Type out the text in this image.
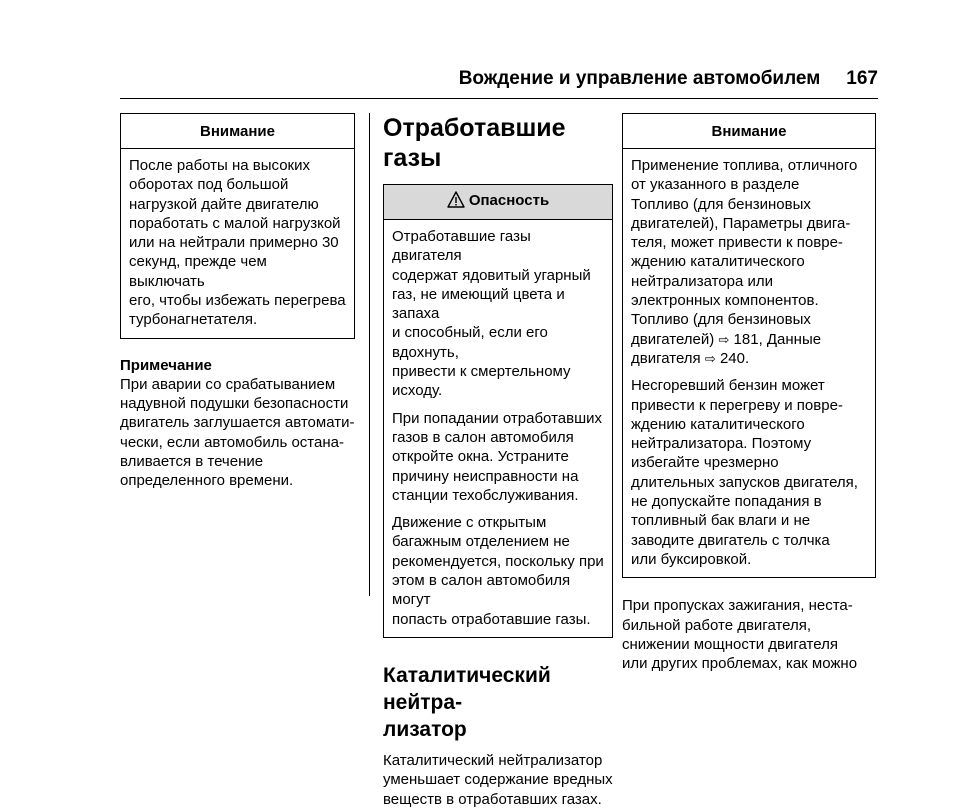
Вождение и управление автомобилем 167
Внимание

После работы на высоких
оборотах под большой
нагрузкой дайте двигателю
поработать с малой нагрузкой
или на нейтрали примерно 30
секунд, прежде чем выключать
его, чтобы избежать перегрева
турбонагнетателя.

Примечание

При аварии со срабатыванием
надувной подушки безопасности
двигатель заглушается автомати-
чески, если автомобиль остана-
вливается в течение
определенного времени.

Отработавшие газы
Опасность

Отработавшие газы двигателя
содержат ядовитый угарный
газ, не имеющий цвета и запаха
и способный, если его вдохнуть,
привести к смертельному
исходу.

При попадании отработавших
газов в салон автомобиля
откройте окна. Устраните
причину неисправности на
станции техобслуживания.

Движение с открытым
багажным отделением не
рекомендуется, поскольку при
этом в салон автомобиля могут
попасть отработавшие газы.

Каталитический нейтра-
лизатор

Каталитический нейтрализатор
уменьшает содержание вредных
веществ в отработавших газах.

Внимание

Применение топлива, отличного
от указанного в разделе
Топливо (для бензиновых
двигателей), Параметры двига-
теля, может привести к повре-
ждению каталитического
нейтрализатора или
электронных компонентов.
Топливо (для бензиновых
двигателей) ⇨ 181, Данные
двигателя ⇨ 240.

Несгоревший бензин может
привести к перегреву и повре-
ждению каталитического
нейтрализатора. Поэтому
избегайте чрезмерно
длительных запусков двигателя,
не допускайте попадания в
топливный бак влаги и не
заводите двигатель с толчка
или буксировкой.

При пропусках зажигания, неста-
бильной работе двигателя,
снижении мощности двигателя
или других проблемах, как можно
